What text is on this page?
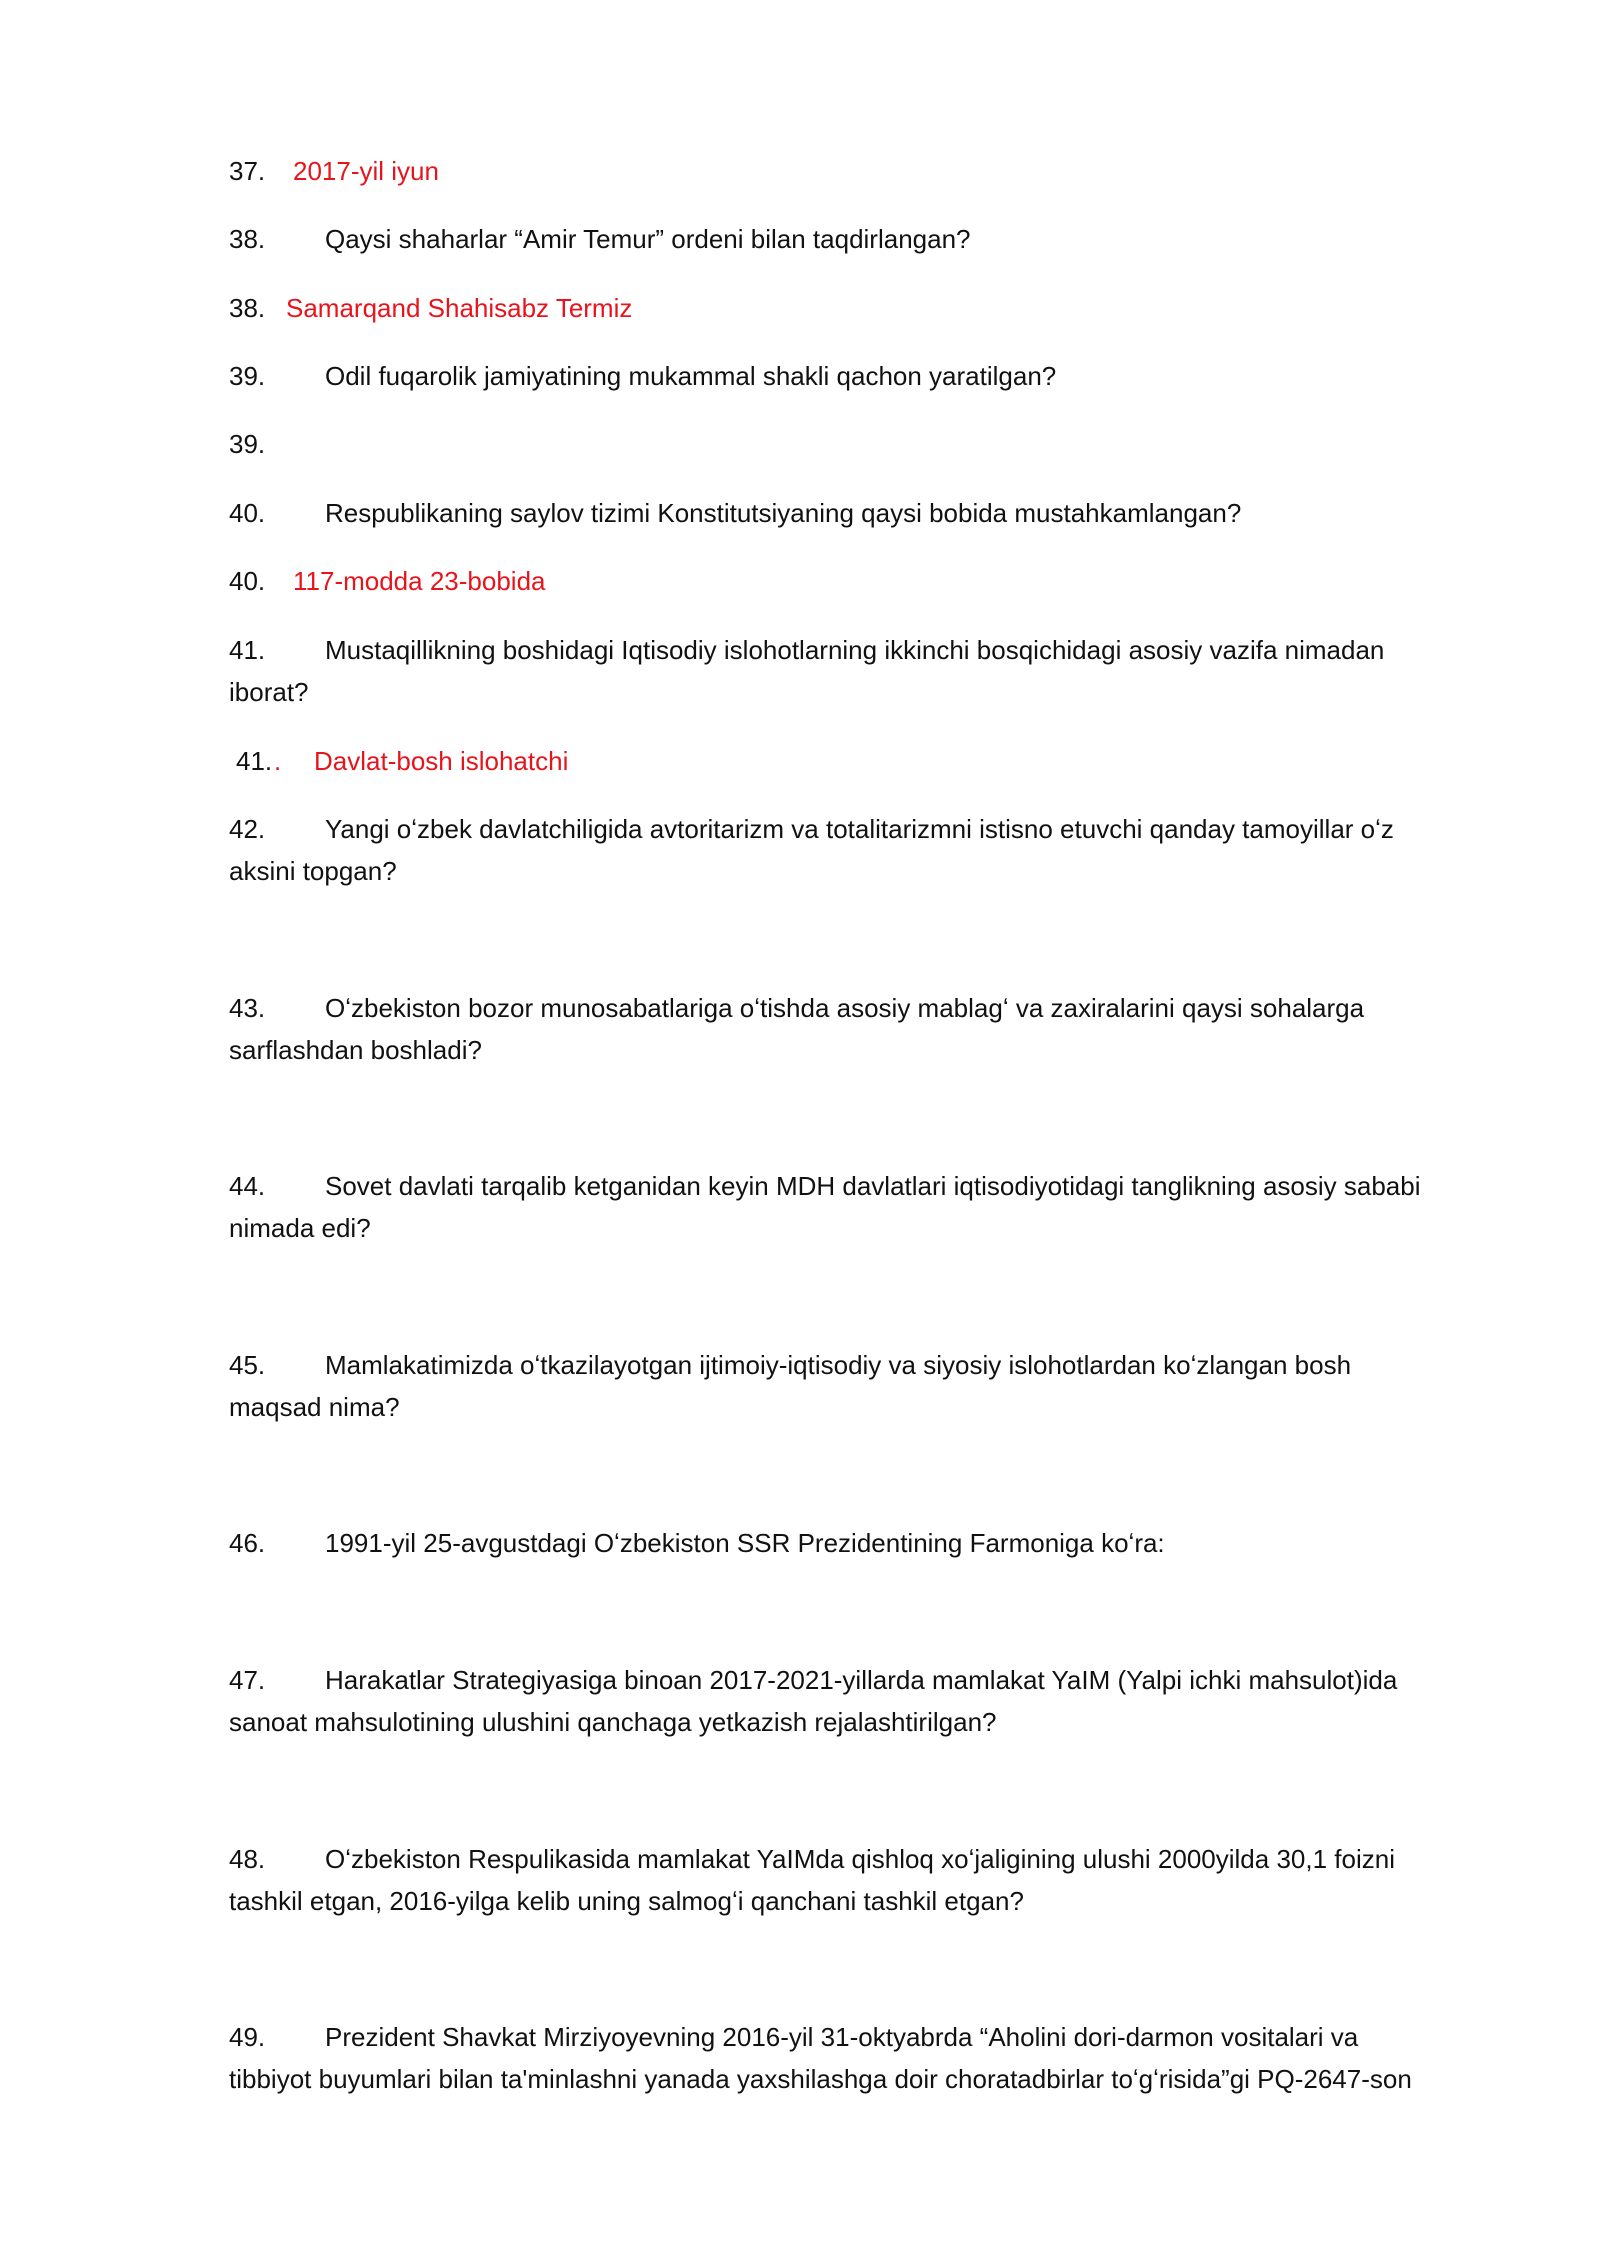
37. 2017-yil iyun
38. Qaysi shaharlar “Amir Temur” ordeni bilan taqdirlangan?
38. Samarqand Shahisabz Termiz
39. Odil fuqarolik jamiyatining mukammal shakli qachon yaratilgan?
39.
40. Respublikaning saylov tizimi Konstitutsiyaning qaysi bobida mustahkamlangan?
40. 117-modda 23-bobida
41. Mustaqillikning boshidagi Iqtisodiy islohotlarning ikkinchi bosqichidagi asosiy vazifa nimadan
iborat?
41.. Davlat-bosh islohatchi
42. Yangi oʻzbek davlatchiligida avtoritarizm va totalitarizmni istisno etuvchi qanday tamoyillar oʻz
aksini topgan?
43. Oʻzbekiston bozor munosabatlariga oʻtishda asosiy mablagʻ va zaxiralarini qaysi sohalarga
sarflashdan boshladi?
44. Sovet davlati tarqalib ketganidan keyin MDH davlatlari iqtisodiyotidagi tanglikning asosiy sababi
nimada edi?
45. Mamlakatimizda oʻtkazilayotgan ijtimoiy-iqtisodiy va siyosiy islohotlardan koʻzlangan bosh
maqsad nima?
46. 1991-yil 25-avgustdagi Oʻzbekiston SSR Prezidentining Farmoniga koʻra:
47. Harakatlar Strategiyasiga binoan 2017-2021-yillarda mamlakat YaIM (Yalpi ichki mahsulot)ida
sanoat mahsulotining ulushini qanchaga yetkazish rejalashtirilgan?
48. Oʻzbekiston Respulikasida mamlakat YaIMda qishloq xoʻjaligining ulushi 2000yilda 30,1 foizni
tashkil etgan, 2016-yilga kelib uning salmogʻi qanchani tashkil etgan?
49. Prezident Shavkat Mirziyoyevning 2016-yil 31-oktyabrda “Aholini dori-darmon vositalari va
tibbiyot buyumlari bilan ta'minlashni yanada yaxshilashga doir choratadbirlar toʻgʻrisida”gi PQ-2647-son
